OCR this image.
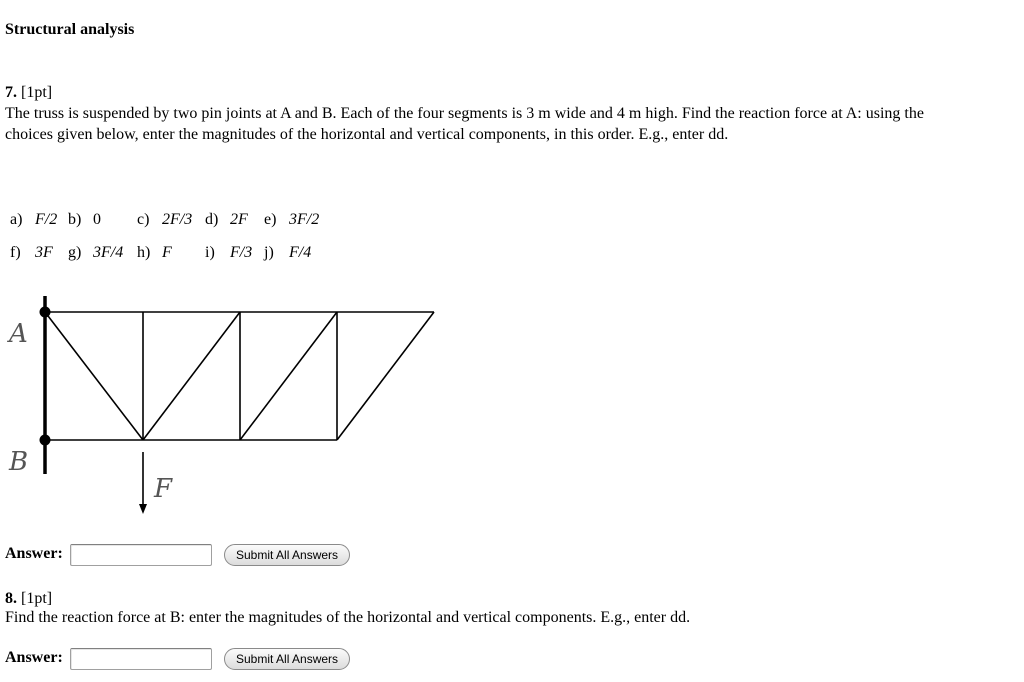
Structural analysis
7. [1pt]
The truss is suspended by two pin joints at A and B. Each of the four segments is 3 m wide and 4 m high. Find the reaction force at A: using the
choices given below, enter the magnitudes of the horizontal and vertical components, in this order. E.g., enter dd.
a) F/2 b) 0 c) 2F/3 d) 2F e) 3F/2
f) 3F g) 3F/4 h) F i) F/3 j) F/4
A
B
F
Answer:	Submit All Answers
8. [1pt]
Find the reaction force at B: enter the magnitudes of the horizontal and vertical components. E.g., enter dd.
Answer:	Submit All Answers
